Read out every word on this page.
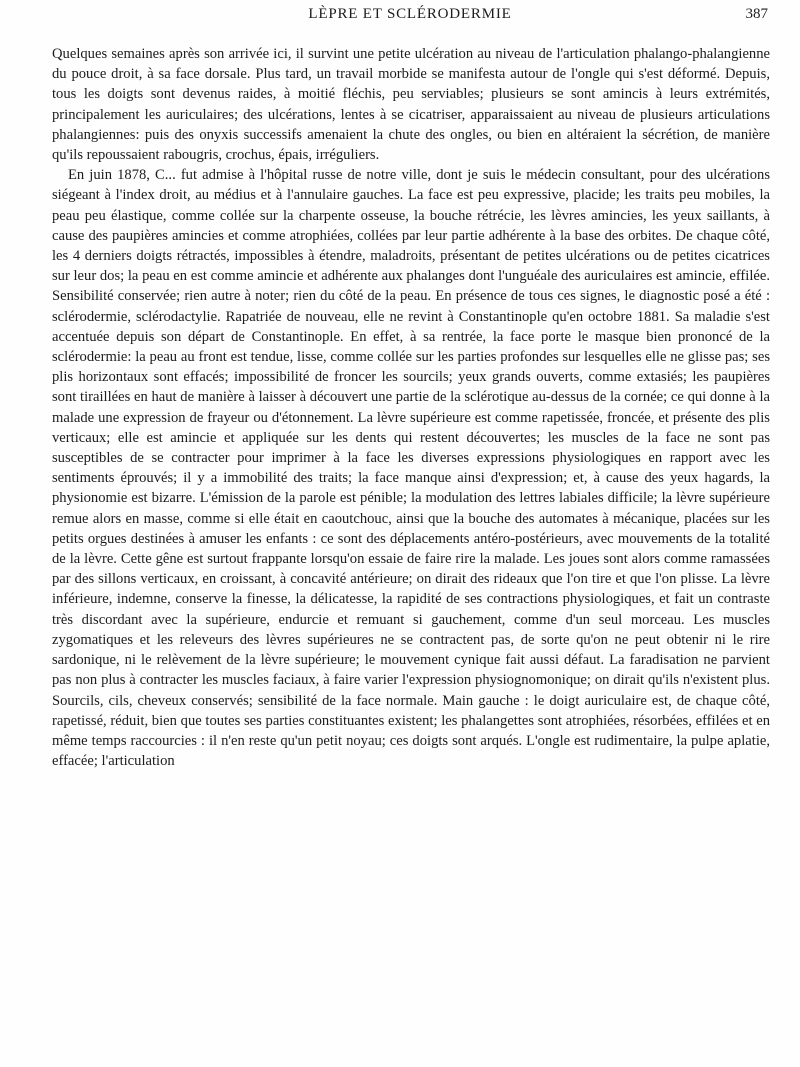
LÈPRE ET SCLÉRODERMIE	387

Quelques semaines après son arrivée ici, il survint une petite ulcération au niveau de l'articulation phalango-phalangienne du pouce droit, à sa face dorsale. Plus tard, un travail morbide se manifesta autour de l'ongle qui s'est déformé. Depuis, tous les doigts sont devenus raides, à moitié fléchis, peu serviables; plusieurs se sont amincis à leurs extrémités, principalement les auriculaires; des ulcérations, lentes à se cicatriser, apparaissaient au niveau de plusieurs articulations phalangiennes: puis des onyxis successifs amenaient la chute des ongles, ou bien en altéraient la sécrétion, de manière qu'ils repoussaient rabougris, crochus, épais, irréguliers.

En juin 1878, C... fut admise à l'hôpital russe de notre ville, dont je suis le médecin consultant, pour des ulcérations siégeant à l'index droit, au médius et à l'annulaire gauches. La face est peu expressive, placide; les traits peu mobiles, la peau peu élastique, comme collée sur la charpente osseuse, la bouche rétrécie, les lèvres amincies, les yeux saillants, à cause des paupières amincies et comme atrophiées, collées par leur partie adhérente à la base des orbites. De chaque côté, les 4 derniers doigts rétractés, impossibles à étendre, maladroits, présentant de petites ulcérations ou de petites cicatrices sur leur dos; la peau en est comme amincie et adhérente aux phalanges dont l'unguéale des auriculaires est amincie, effilée. Sensibilité conservée; rien autre à noter; rien du côté de la peau. En présence de tous ces signes, le diagnostic posé a été : sclérodermie, sclérodactylie. Rapatriée de nouveau, elle ne revint à Constantinople qu'en octobre 1881. Sa maladie s'est accentuée depuis son départ de Constantinople. En effet, à sa rentrée, la face porte le masque bien prononcé de la sclérodermie: la peau au front est tendue, lisse, comme collée sur les parties profondes sur lesquelles elle ne glisse pas; ses plis horizontaux sont effacés; impossibilité de froncer les sourcils; yeux grands ouverts, comme extasiés; les paupières sont tiraillées en haut de manière à laisser à découvert une partie de la sclérotique au-dessus de la cornée; ce qui donne à la malade une expression de frayeur ou d'étonnement. La lèvre supérieure est comme rapetissée, froncée, et présente des plis verticaux; elle est amincie et appliquée sur les dents qui restent découvertes; les muscles de la face ne sont pas susceptibles de se contracter pour imprimer à la face les diverses expressions physiologiques en rapport avec les sentiments éprouvés; il y a immobilité des traits; la face manque ainsi d'expression; et, à cause des yeux hagards, la physionomie est bizarre. L'émission de la parole est pénible; la modulation des lettres labiales difficile; la lèvre supérieure remue alors en masse, comme si elle était en caoutchouc, ainsi que la bouche des automates à mécanique, placées sur les petits orgues destinées à amuser les enfants : ce sont des déplacements antéro-postérieurs, avec mouvements de la totalité de la lèvre. Cette gêne est surtout frappante lorsqu'on essaie de faire rire la malade. Les joues sont alors comme ramassées par des sillons verticaux, en croissant, à concavité antérieure; on dirait des rideaux que l'on tire et que l'on plisse. La lèvre inférieure, indemne, conserve la finesse, la délicatesse, la rapidité de ses contractions physiologiques, et fait un contraste très discordant avec la supérieure, endurcie et remuant si gauchement, comme d'un seul morceau. Les muscles zygomatiques et les releveurs des lèvres supérieures ne se contractent pas, de sorte qu'on ne peut obtenir ni le rire sardonique, ni le relèvement de la lèvre supérieure; le mouvement cynique fait aussi défaut. La faradisation ne parvient pas non plus à contracter les muscles faciaux, à faire varier l'expression physiognomonique; on dirait qu'ils n'existent plus. Sourcils, cils, cheveux conservés; sensibilité de la face normale. Main gauche : le doigt auriculaire est, de chaque côté, rapetissé, réduit, bien que toutes ses parties constituantes existent; les phalangettes sont atrophiées, résorbées, effilées et en même temps raccourcies : il n'en reste qu'un petit noyau; ces doigts sont arqués. L'ongle est rudimentaire, la pulpe aplatie, effacée; l'articulation
